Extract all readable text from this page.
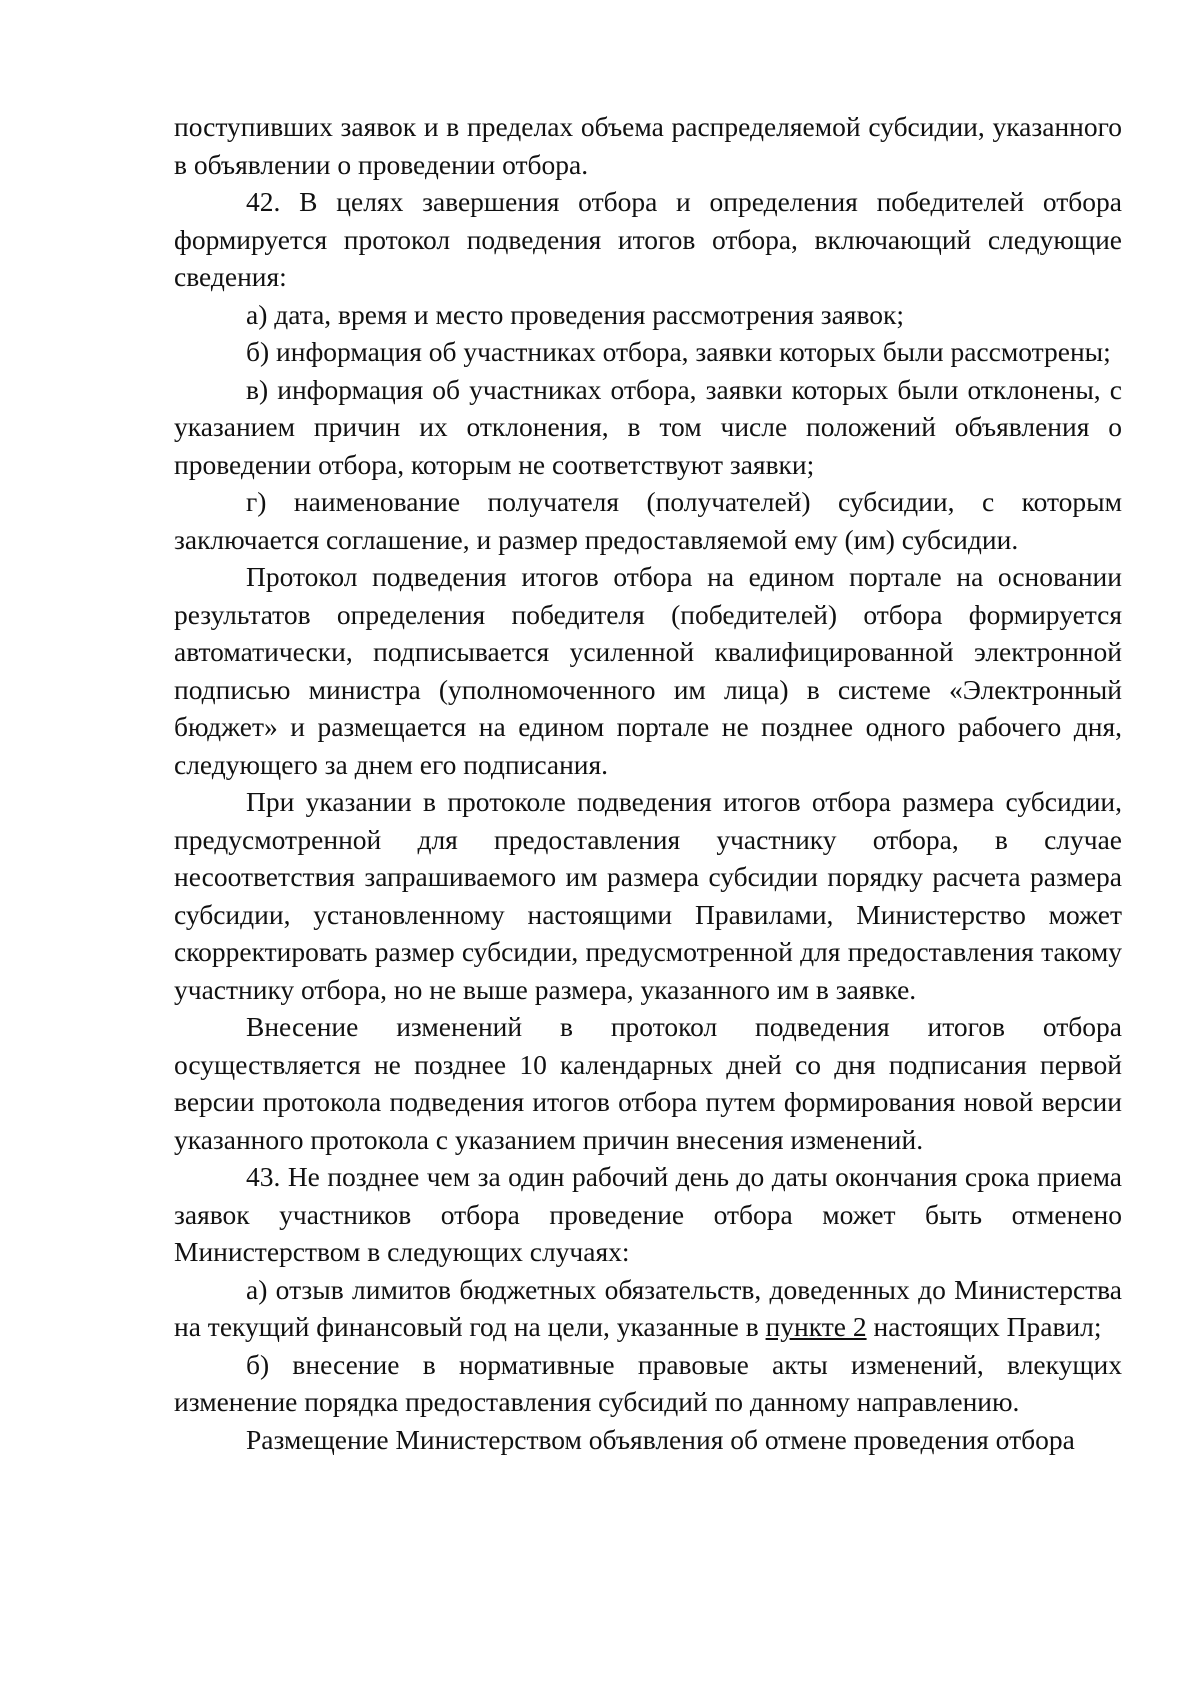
поступивших заявок и в пределах объема распределяемой субсидии, указанного в объявлении о проведении отбора.

42. В целях завершения отбора и определения победителей отбора формируется протокол подведения итогов отбора, включающий следующие сведения:

а) дата, время и место проведения рассмотрения заявок;

б) информация об участниках отбора, заявки которых были рассмотрены;

в) информация об участниках отбора, заявки которых были отклонены, с указанием причин их отклонения, в том числе положений объявления о проведении отбора, которым не соответствуют заявки;

г) наименование получателя (получателей) субсидии, с которым заключается соглашение, и размер предоставляемой ему (им) субсидии.

Протокол подведения итогов отбора на едином портале на основании результатов определения победителя (победителей) отбора формируется автоматически, подписывается усиленной квалифицированной электронной подписью министра (уполномоченного им лица) в системе «Электронный бюджет» и размещается на едином портале не позднее одного рабочего дня, следующего за днем его подписания.

При указании в протоколе подведения итогов отбора размера субсидии, предусмотренной для предоставления участнику отбора, в случае несоответствия запрашиваемого им размера субсидии порядку расчета размера субсидии, установленному настоящими Правилами, Министерство может скорректировать размер субсидии, предусмотренной для предоставления такому участнику отбора, но не выше размера, указанного им в заявке.

Внесение изменений в протокол подведения итогов отбора осуществляется не позднее 10 календарных дней со дня подписания первой версии протокола подведения итогов отбора путем формирования новой версии указанного протокола с указанием причин внесения изменений.

43. Не позднее чем за один рабочий день до даты окончания срока приема заявок участников отбора проведение отбора может быть отменено Министерством в следующих случаях:

а) отзыв лимитов бюджетных обязательств, доведенных до Министерства на текущий финансовый год на цели, указанные в пункте 2 настоящих Правил;

б) внесение в нормативные правовые акты изменений, влекущих изменение порядка предоставления субсидий по данному направлению.

Размещение Министерством объявления об отмене проведения отбора
